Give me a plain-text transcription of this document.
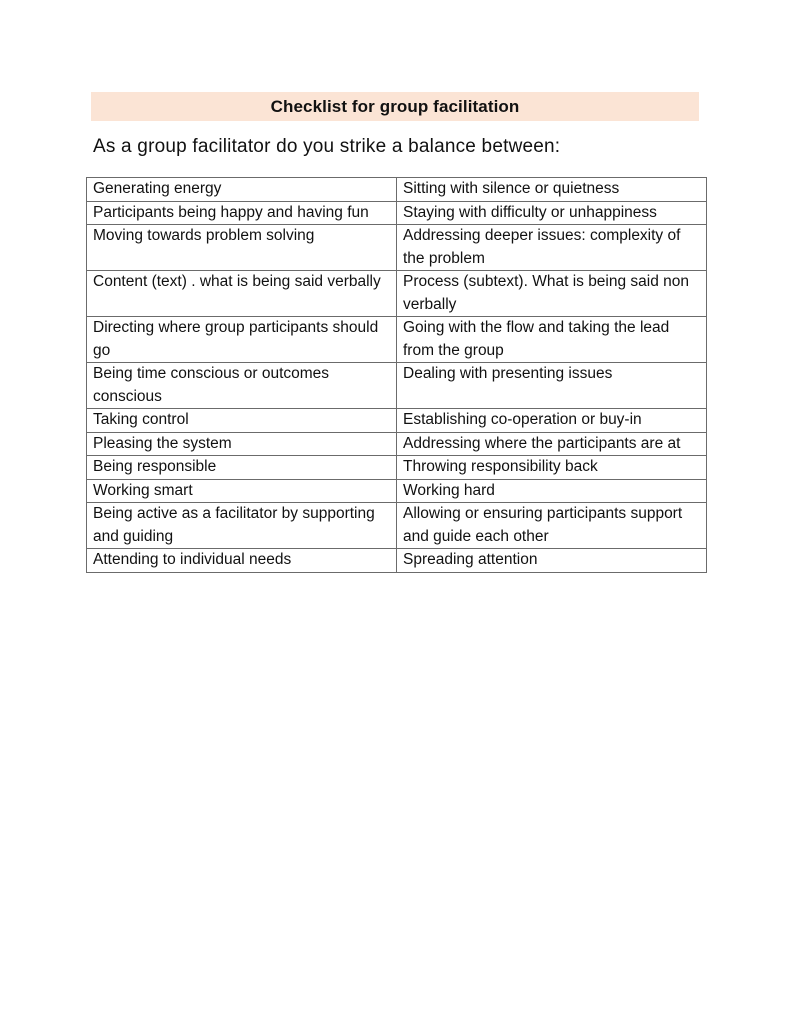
Checklist for group facilitation
As a group facilitator do you strike a balance between:
Generating energy	Sitting with silence or quietness
Participants being happy and having fun	Staying with difficulty or unhappiness
Moving towards problem solving	Addressing deeper issues: complexity of the problem
Content (text) . what is being said verbally	Process (subtext). What is being said non verbally
Directing where group participants should go	Going with the flow and taking the lead from the group
Being time conscious or outcomes conscious	Dealing with presenting issues
Taking control	Establishing co-operation or buy-in
Pleasing the system	Addressing where the participants are at
Being responsible	Throwing responsibility back
Working smart	Working hard
Being active as a facilitator by supporting and guiding	Allowing or ensuring participants support and guide each other
Attending to individual needs	Spreading attention
